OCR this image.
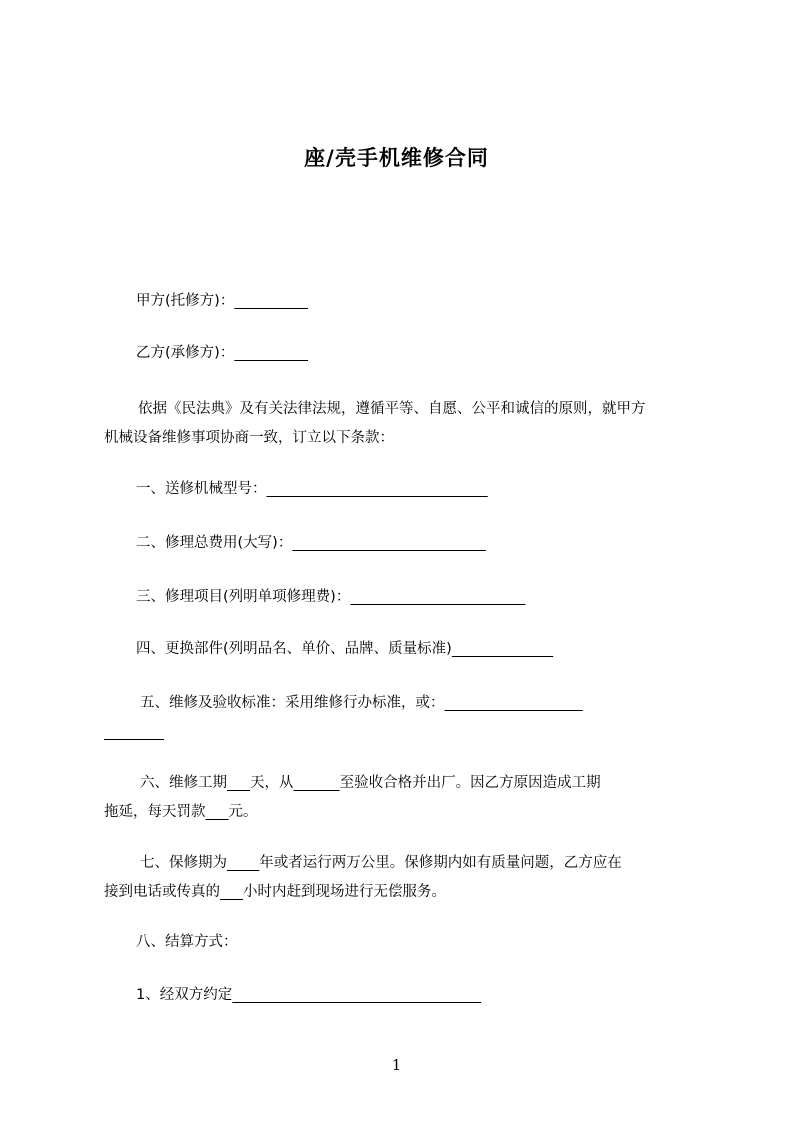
座/壳手机维修合同
甲方(托修方)：
乙方(承修方)：
依据《民法典》及有关法律法规，遵循平等、自愿、公平和诚信的原则，就甲方
机械设备维修事项协商一致，订立以下条款：
一、送修机械型号：
二、修理总费用(大写)：
三、修理项目(列明单项修理费)：
四、更换部件(列明品名、单价、品牌、质量标准)
五、维修及验收标准：采用维修行办标准，或：

六、维修工期 天，从	至验收合格并出厂。因乙方原因造成工期
拖延，每天罚款 元。
七、保修期为 年或者运行两万公里。保修期内如有质量问题，乙方应在
接到电话或传真的 小时内赶到现场进行无偿服务。
八、结算方式：
1、经双方约定
1
